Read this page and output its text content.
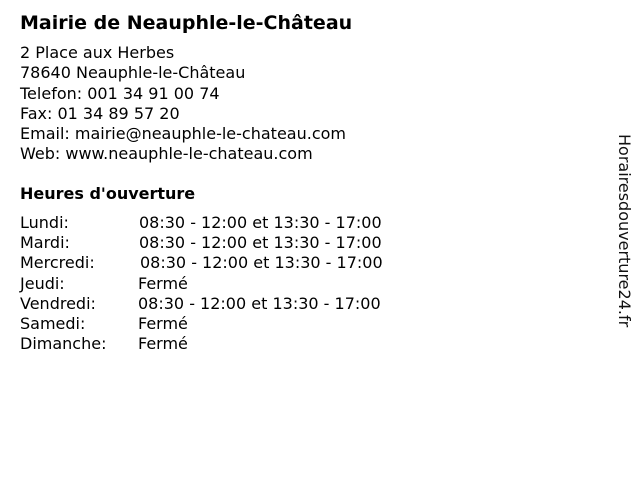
Mairie de Neauphle-le-Château
2 Place aux Herbes
78640 Neauphle-le-Château
Telefon: 001 34 91 00 74
Fax: 01 34 89 57 20
Email: mairie@neauphle-le-chateau.com
Web: www.neauphle-le-chateau.com
Heures d'ouverture
Lundi:	08:30 - 12:00 et 13:30 - 17:00
Mardi:	08:30 - 12:00 et 13:30 - 17:00
Mercredi:	08:30 - 12:00 et 13:30 - 17:00
Jeudi:	Fermé
Vendredi:	08:30 - 12:00 et 13:30 - 17:00
Samedi:	Fermé
Dimanche: Fermé
Horairesdouverture24.fr
